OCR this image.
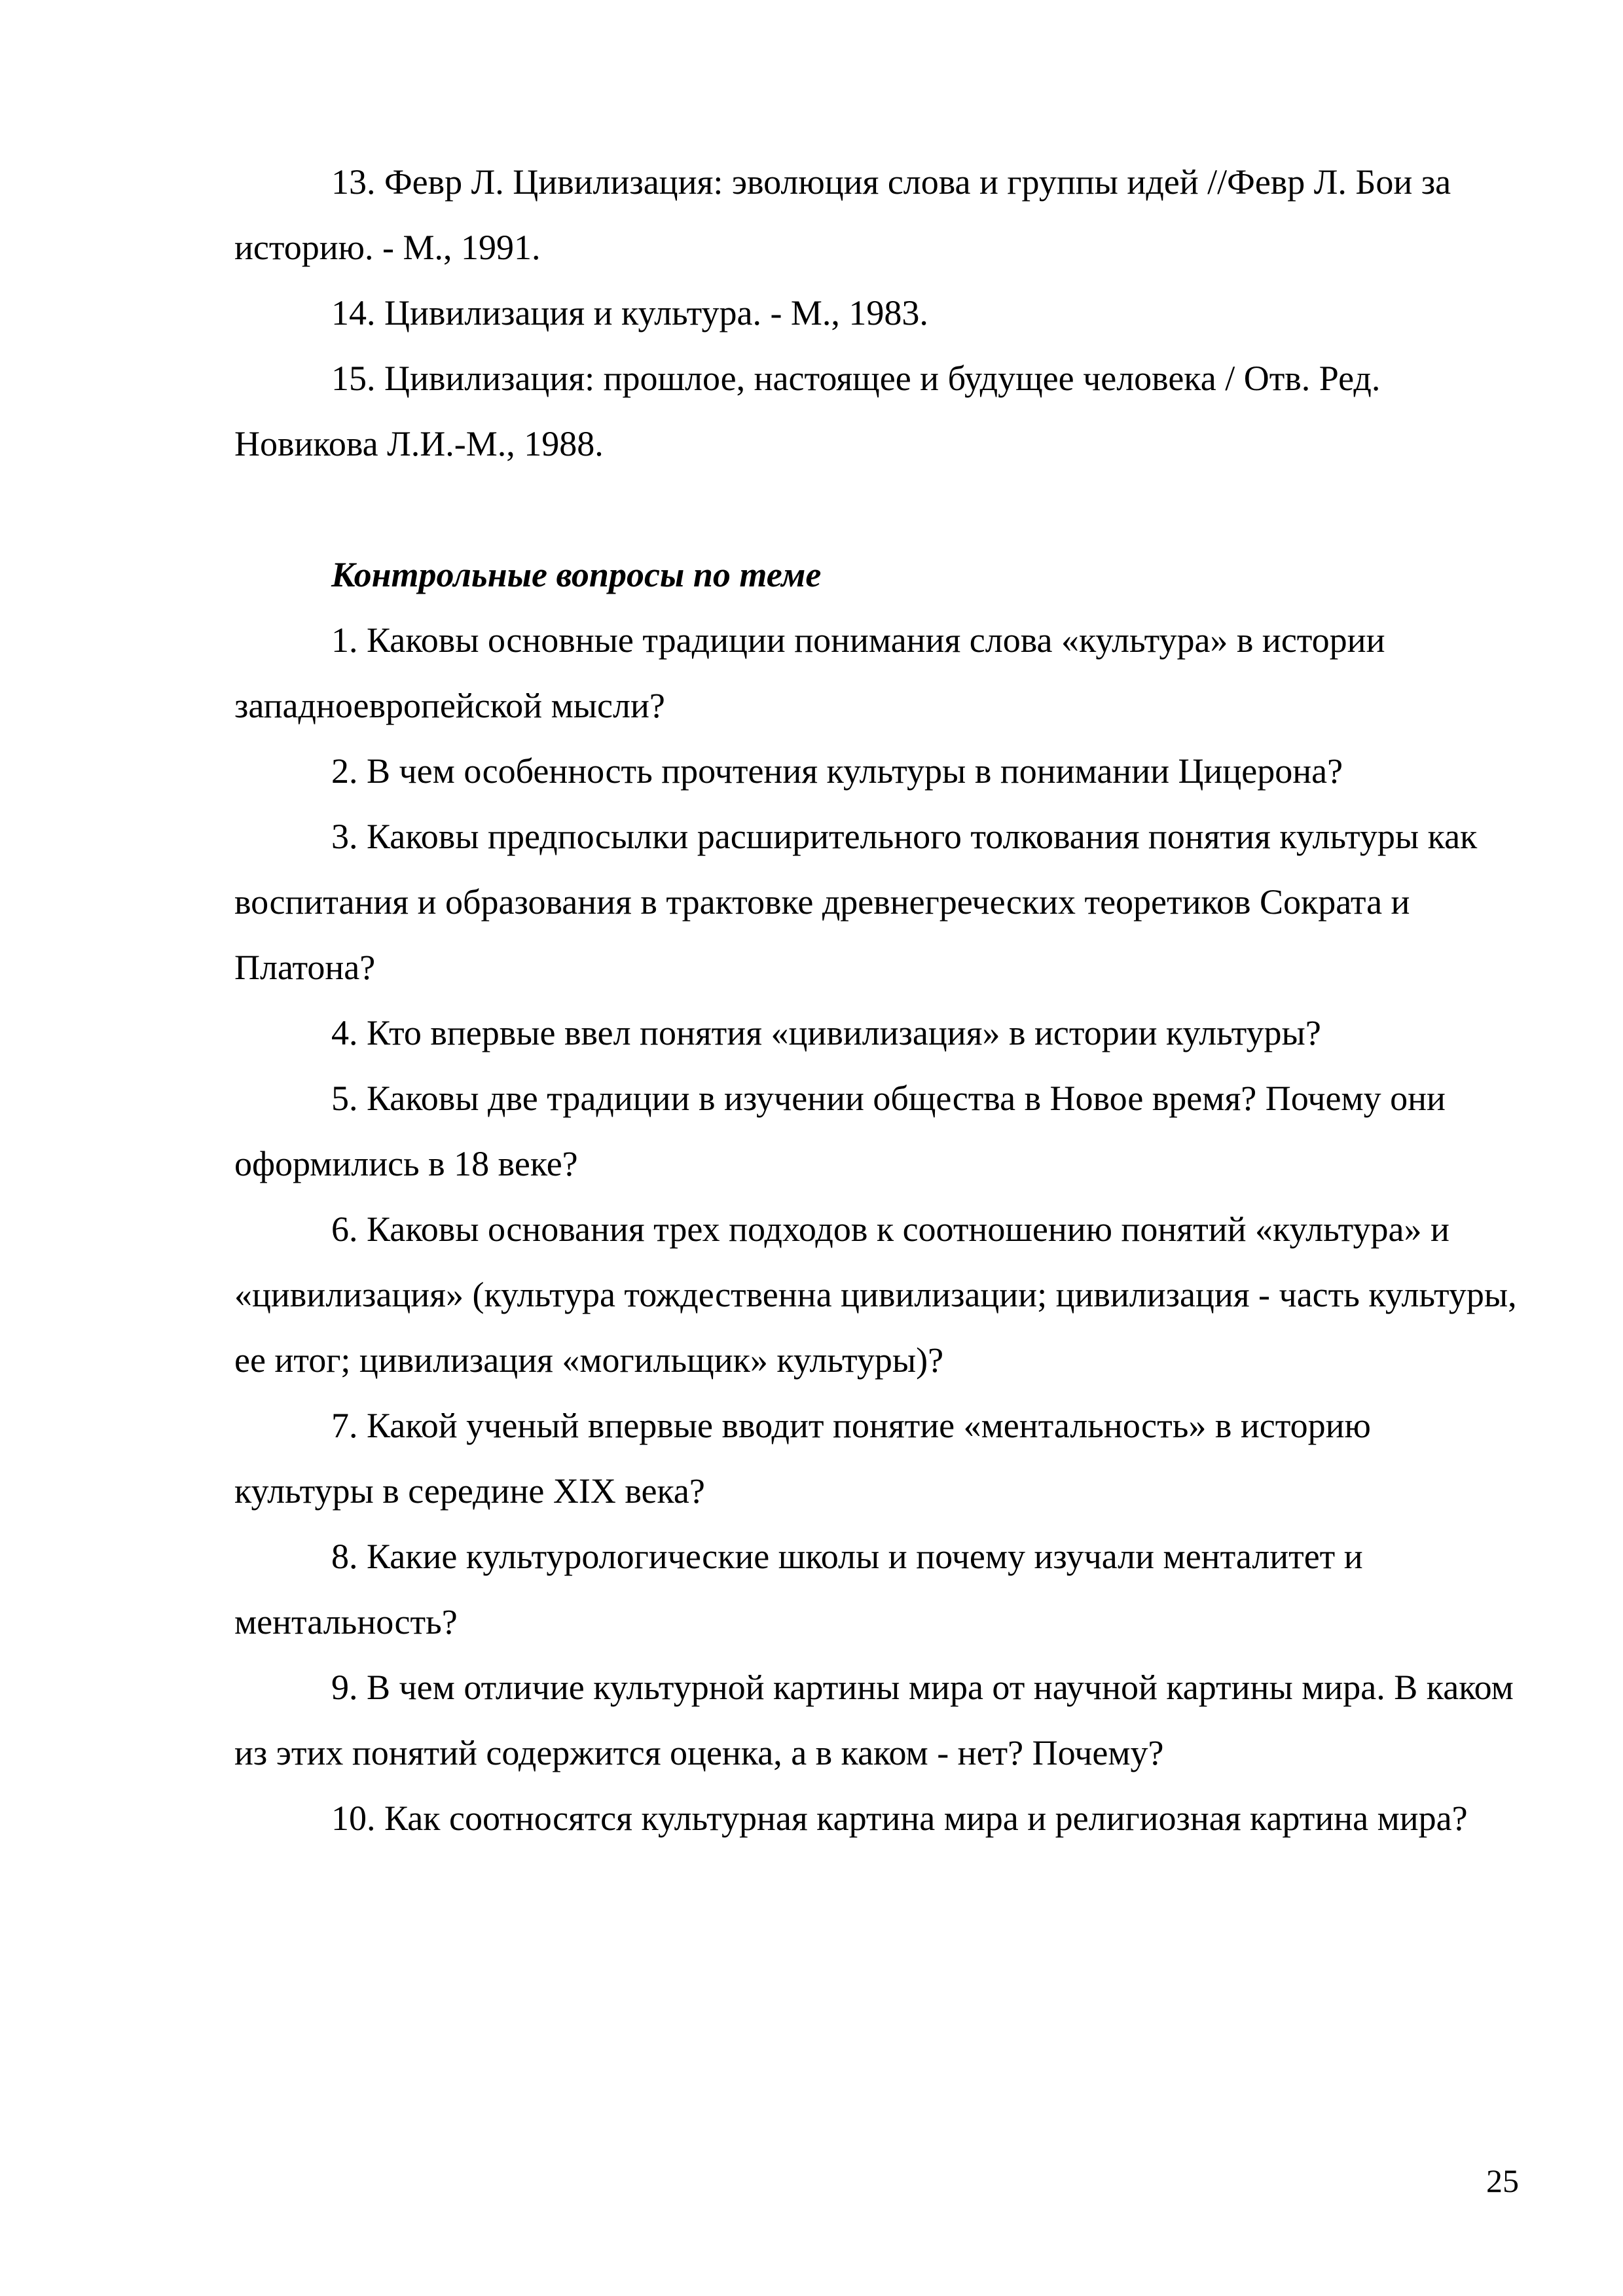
13. Февр Л. Цивилизация: эволюция слова и группы идей //Февр Л. Бои за историю. - М., 1991.

14. Цивилизация и культура. - М., 1983.

15. Цивилизация: прошлое, настоящее и будущее человека / Отв. Ред. Новикова Л.И.-М., 1988.

Контрольные вопросы по теме

1. Каковы основные традиции понимания слова «культура» в истории западноевропейской мысли?

2. В чем особенность прочтения культуры в понимании Цицерона?

3. Каковы предпосылки расширительного толкования понятия культуры как воспитания и образования в трактовке древнегреческих теоретиков Сократа и Платона?

4. Кто впервые ввел понятия «цивилизация» в истории культуры?

5. Каковы две традиции в изучении общества в Новое время? Почему они оформились в 18 веке?

6. Каковы основания трех подходов к соотношению понятий «культура» и «цивилизация» (культура тождественна цивилизации; цивилизация - часть культуры, ее итог; цивилизация «могильщик» культуры)?

7. Какой ученый впервые вводит понятие «ментальность» в историю культуры в середине XIX века?

8. Какие культурологические школы и почему изучали менталитет и ментальность?

9. В чем отличие культурной картины мира от научной картины мира. В каком из этих понятий содержится оценка, а в каком - нет? Почему?

10. Как соотносятся культурная картина мира и религиозная картина мира?

25
